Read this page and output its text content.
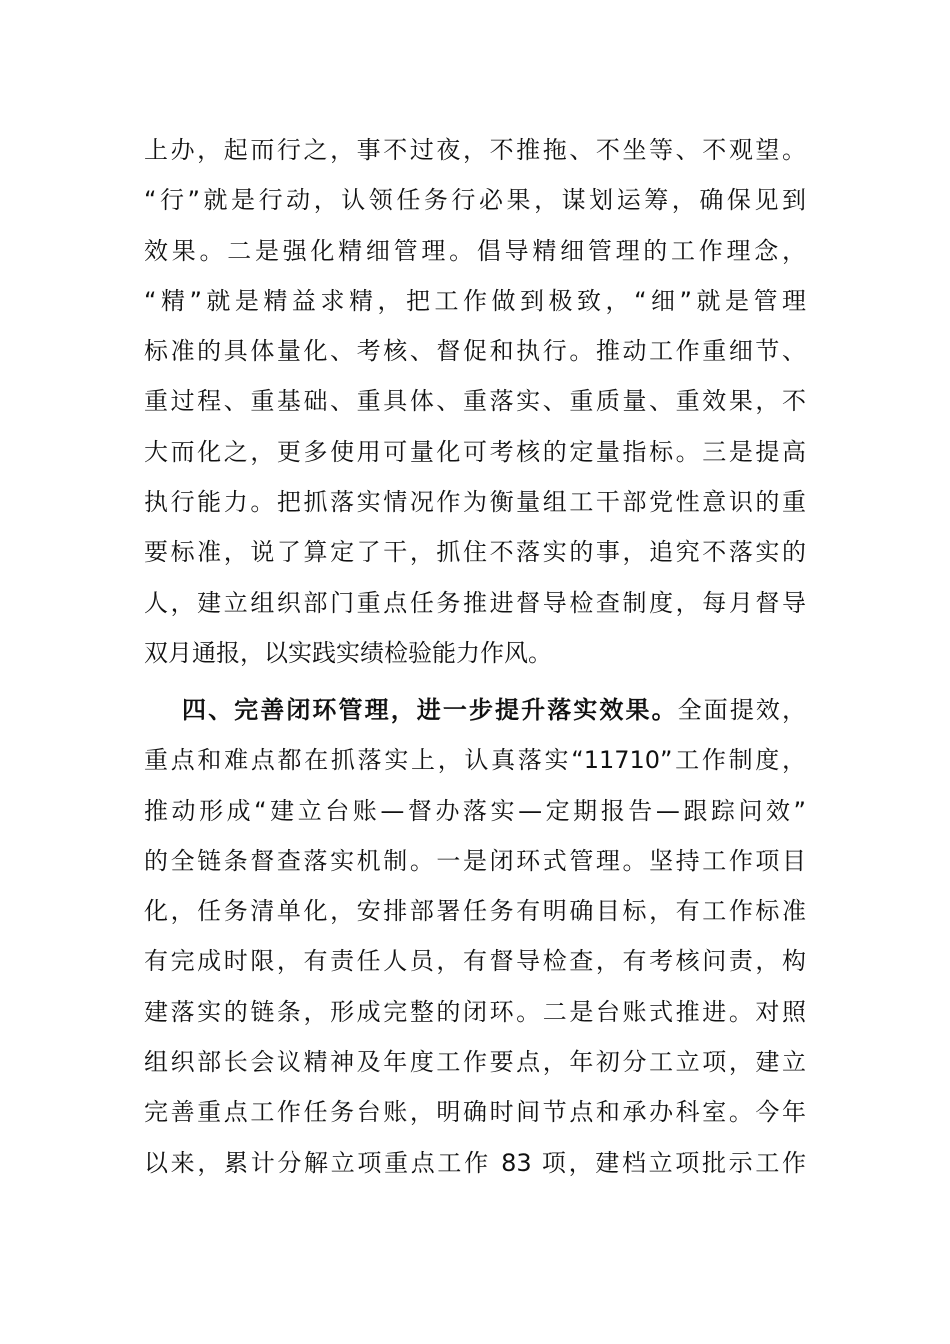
上办，起而行之，事不过夜，不推拖、不坐等、不观望。
“行”就是行动，认领任务行必果，谋划运筹，确保见到
效果。二是强化精细管理。倡导精细管理的工作理念，
“精”就是精益求精，把工作做到极致，“细”就是管理
标准的具体量化、考核、督促和执行。推动工作重细节、
重过程、重基础、重具体、重落实、重质量、重效果，不
大而化之，更多使用可量化可考核的定量指标。三是提高
执行能力。把抓落实情况作为衡量组工干部党性意识的重
要标准，说了算定了干，抓住不落实的事，追究不落实的
人，建立组织部门重点任务推进督导检查制度，每月督导
双月通报，以实践实绩检验能力作风。
四、完善闭环管理，进一步提升落实效果。全面提效，
重点和难点都在抓落实上，认真落实“11710”工作制度，
推动形成“建立台账—督办落实—定期报告—跟踪问效”
的全链条督查落实机制。一是闭环式管理。坚持工作项目
化，任务清单化，安排部署任务有明确目标，有工作标准
有完成时限，有责任人员，有督导检查，有考核问责，构
建落实的链条，形成完整的闭环。二是台账式推进。对照
组织部长会议精神及年度工作要点，年初分工立项，建立
完善重点工作任务台账，明确时间节点和承办科室。今年
以来，累计分解立项重点工作 83 项，建档立项批示工作
